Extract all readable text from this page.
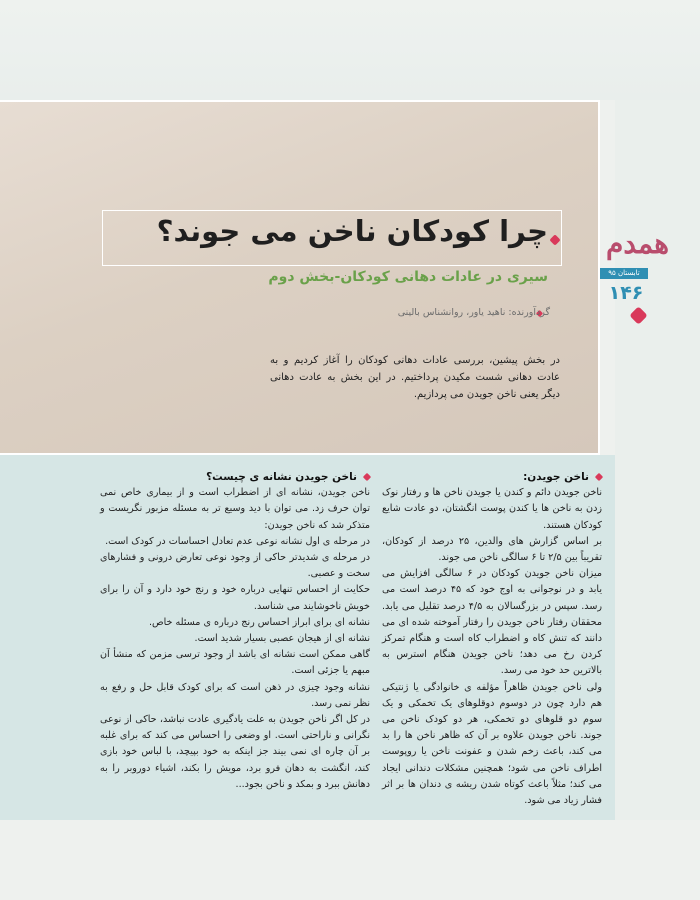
چرا کودکان ناخن می جوند؟
سیری در عادات دهانی کودکان-بخش دوم
گردآورنده: ناهید یاور، روانشناس بالینی
در بخش پیشین، بررسی عادات دهانی کودکان را آغاز کردیم و به عادت دهانی شست مکیدن پرداختیم. در این بخش به عادت دهانی دیگر یعنی ناخن جویدن می پردازیم.
همدم
تابستان ۹۵
۱۴۶
ناخن جویدن:

ناخن جویدن دائم و کندن یا جویدن ناخن ها و رفتار نوک زدن به ناخن ها یا کندن پوست انگشتان، دو عادت شایع کودکان هستند.

بر اساس گزارش های والدین، ۲۵ درصد از کودکان، تقریباً بین ۲/۵ تا ۶ سالگی ناخن می جوند.

میزان ناخن جویدن کودکان در ۶ سالگی افزایش می یابد و در نوجوانی به اوج خود که ۴۵ درصد است می رسد. سپس در بزرگسالان به ۴/۵ درصد تقلیل می یابد. محققان رفتار ناخن جویدن را رفتار آموخته شده ای می دانند که تنش کاه و اضطراب کاه است و هنگام تمرکز کردن رخ می دهد؛ ناخن جویدن هنگام استرس به بالاترین حد خود می رسد.

ولی ناخن جویدن ظاهراً مؤلفه ی خانوادگی یا ژنتیکی هم دارد چون در دوسوم دوقلوهای یک تخمکی و یک سوم دو قلوهای دو تخمکی، هر دو کودک ناخن می جوند. ناخن جویدن علاوه بر آن که ظاهر ناخن ها را بد می کند، باعث زخم شدن و عفونت ناخن یا روپوست اطراف ناخن می شود؛ همچنین مشکلات دندانی ایجاد می کند؛ مثلاً باعث کوتاه شدن ریشه ی دندان ها بر اثر فشار زیاد می شود.

ناخن جویدن نشانه ی چیست؟

ناخن جویدن، نشانه ای از اضطراب است و از بیماری خاص نمی توان حرف زد. می توان با دید وسیع تر به مسئله مزبور نگریست و متذکر شد که ناخن جویدن:

در مرحله ی اول نشانه نوعی عدم تعادل احساسات در کودک است.

در مرحله ی شدیدتر حاکی از وجود نوعی تعارض درونی و فشارهای سخت و عصبی.

حکایت از احساس تنهایی درباره خود و رنج خود دارد و آن را برای خویش ناخوشایند می شناسد.

نشانه ای برای ابراز احساس رنج درباره ی مسئله خاص.

نشانه ای از هیجان عصبی بسیار شدید است.

گاهی ممکن است نشانه ای باشد از وجود ترسی مزمن که منشأ آن مبهم یا جزئی است.

نشانه وجود چیزی در ذهن است که برای کودک قابل حل و رفع به نظر نمی رسد.

در کل اگر ناخن جویدن به علت یادگیری عادت نباشد، حاکی از نوعی نگرانی و ناراحتی است. او وضعی را احساس می کند که برای غلبه بر آن چاره ای نمی بیند جز اینکه به خود بپیچد، با لباس خود بازی کند، انگشت به دهان فرو برد، مویش را بکند، اشیاء دوروبر را به دهانش ببرد و بمکد و ناخن بجود...
